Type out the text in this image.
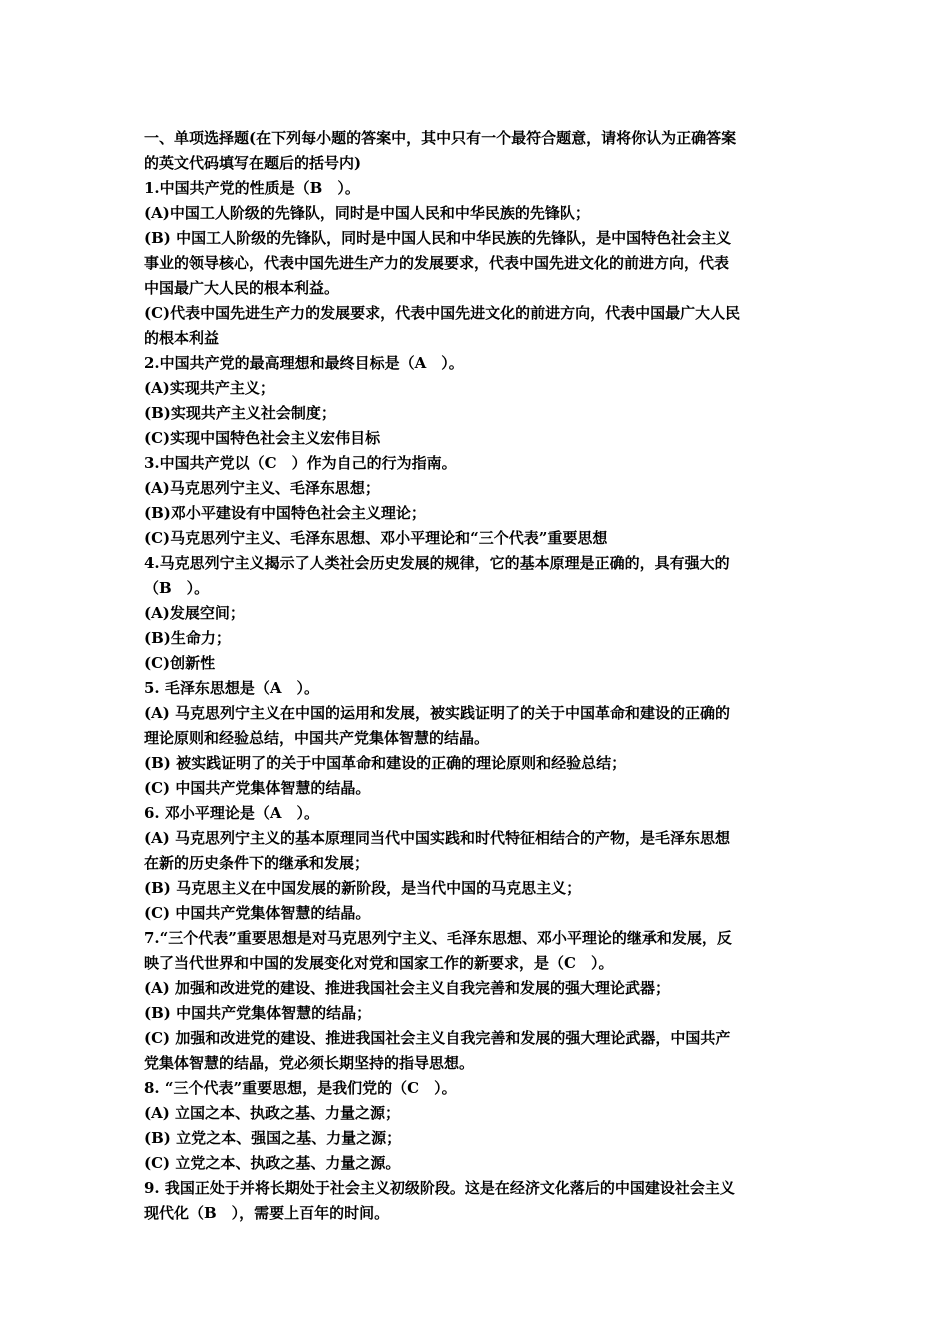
一、单项选择题(在下列每小题的答案中，其中只有一个最符合题意，请将你认为正确答案
的英文代码填写在题后的括号内)
1.中国共产党的性质是（B　）。
(A)中国工人阶级的先锋队，同时是中国人民和中华民族的先锋队；
(B) 中国工人阶级的先锋队，同时是中国人民和中华民族的先锋队，是中国特色社会主义
事业的领导核心，代表中国先进生产力的发展要求，代表中国先进文化的前进方向，代表
中国最广大人民的根本利益。
(C)代表中国先进生产力的发展要求，代表中国先进文化的前进方向，代表中国最广大人民
的根本利益
2.中国共产党的最高理想和最终目标是（A　）。
(A)实现共产主义；
(B)实现共产主义社会制度；
(C)实现中国特色社会主义宏伟目标
3.中国共产党以（C　）作为自己的行为指南。
(A)马克思列宁主义、毛泽东思想；
(B)邓小平建设有中国特色社会主义理论；
(C)马克思列宁主义、毛泽东思想、邓小平理论和“三个代表”重要思想
4.马克思列宁主义揭示了人类社会历史发展的规律，它的基本原理是正确的，具有强大的
（B　）。
(A)发展空间；
(B)生命力；
(C)创新性
5. 毛泽东思想是（A　）。
(A) 马克思列宁主义在中国的运用和发展，被实践证明了的关于中国革命和建设的正确的
理论原则和经验总结，中国共产党集体智慧的结晶。
(B) 被实践证明了的关于中国革命和建设的正确的理论原则和经验总结；
(C) 中国共产党集体智慧的结晶。
6. 邓小平理论是（A　）。
(A) 马克思列宁主义的基本原理同当代中国实践和时代特征相结合的产物，是毛泽东思想
在新的历史条件下的继承和发展；
(B) 马克思主义在中国发展的新阶段，是当代中国的马克思主义；
(C) 中国共产党集体智慧的结晶。
7.“三个代表”重要思想是对马克思列宁主义、毛泽东思想、邓小平理论的继承和发展，反
映了当代世界和中国的发展变化对党和国家工作的新要求，是（C　）。
(A) 加强和改进党的建设、推进我国社会主义自我完善和发展的强大理论武器；
(B) 中国共产党集体智慧的结晶；
(C) 加强和改进党的建设、推进我国社会主义自我完善和发展的强大理论武器，中国共产
党集体智慧的结晶，党必须长期坚持的指导思想。
8. “三个代表”重要思想，是我们党的（C　）。
(A) 立国之本、执政之基、力量之源；
(B) 立党之本、强国之基、力量之源；
(C) 立党之本、执政之基、力量之源。
9. 我国正处于并将长期处于社会主义初级阶段。这是在经济文化落后的中国建设社会主义
现代化（B　），需要上百年的时间。
